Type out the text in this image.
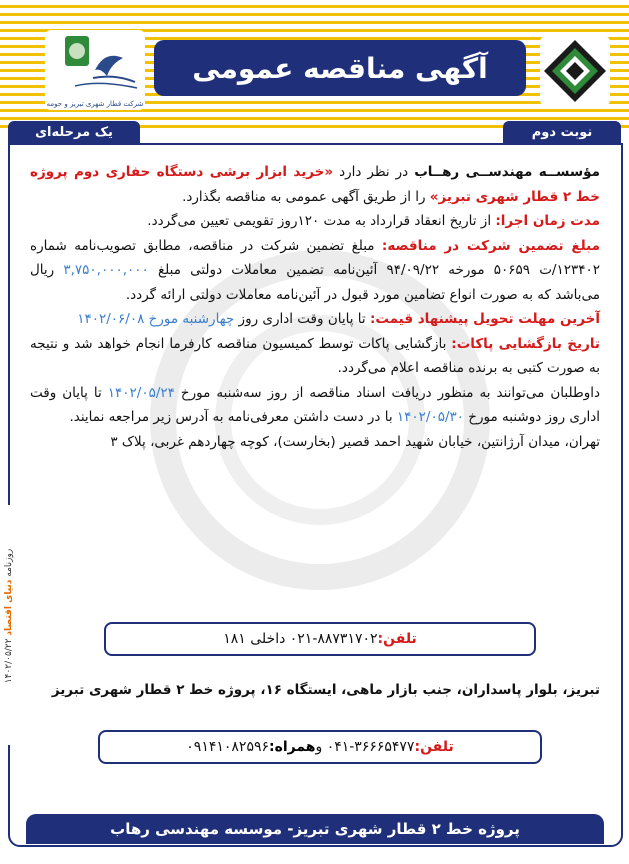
شرکت قطار شهری تبریز و حومه
آگهی مناقصه عمومی
نوبت دوم
یک مرحله‌ای
روزنامه دنیای اقتصاد ۱۴۰۲/۰۵/۲۲

مؤسســه مهندســی رهــاب در نظر دارد «خرید ابزار برشی دستگاه حفاری دوم پروژه خط ۲ قطار شهری تبریز» را از طریق آگهی عمومی به مناقصه بگذارد.

مدت زمان اجرا: از تاریخ انعقاد قرارداد به مدت ۱۲۰روز تقویمی تعیین می‌گردد.

مبلغ تضمین شرکت در مناقصه: مبلغ تضمین شرکت در مناقصه، مطابق تصویب‌نامه شماره ۱۲۳۴۰۲/ت ۵۰۶۵۹ مورخه ۹۴/۰۹/۲۲ آئین‌نامه تضمین معاملات دولتی مبلغ ۳,۷۵۰,۰۰۰,۰۰۰ ریال می‌باشد که به صورت انواع تضامین مورد قبول در آئین‌نامه معاملات دولتی ارائه گردد.

آخرین مهلت تحویل پیشنهاد قیمت: تا پایان وقت اداری روز چهارشنبه مورخ ۱۴۰۲/۰۶/۰۸

تاریخ بازگشایی پاکات: بازگشایی پاکات توسط کمیسیون مناقصه کارفرما انجام خواهد شد و نتیجه به صورت کتبی به برنده مناقصه اعلام می‌گردد.

داوطلبان می‌توانند به منظور دریافت اسناد مناقصه از روز سه‌شنبه مورخ ۱۴۰۲/۰۵/۲۴ تا پایان وقت اداری روز دوشنبه مورخ ۱۴۰۲/۰۵/۳۰ با در دست داشتن معرفی‌نامه به آدرس زیر مراجعه نمایند.

تهران، میدان آرژانتین، خیابان شهید احمد قصیر (بخارست)، کوچه چهاردهم غربی، پلاک ۳

تلفن:
۰۲۱-۸۸۷۳۱۷۰۲ داخلی ۱۸۱
تبریز، بلوار پاسداران، جنب بازار ماهی، ایستگاه ۱۶، پروژه خط ۲ قطار شهری تبریز
تلفن:
۰۴۱-۳۶۶۶۵۴۷۷ و
همراه:
۰۹۱۴۱۰۸۲۵۹۶
پروژه خط ۲ قطار شهری تبریز- موسسه مهندسی رهاب
